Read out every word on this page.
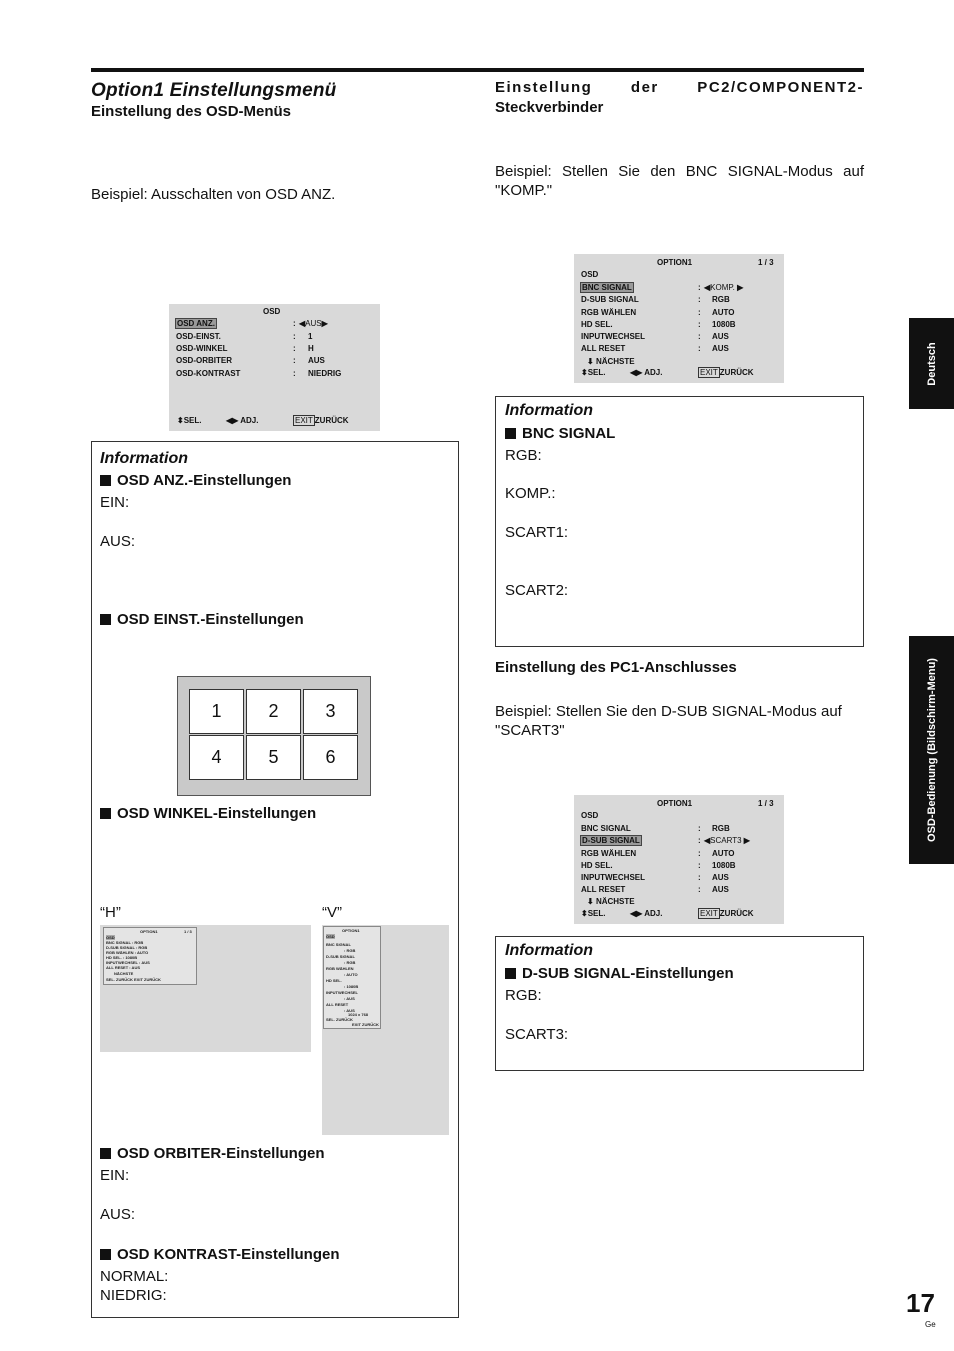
Option1 Einstellungsmenü
Einstellung des OSD-Menüs
Beispiel: Ausschalten von OSD ANZ.
OSD
OSD ANZ.	: ◀AUS▶
OSD-EINST.	: 1
OSD-WINKEL	: H
OSD-ORBITER	: AUS
OSD-KONTRAST	: NIEDRIG
⬍SEL.	◀▶ ADJ.	EXIT ZURÜCK
Information
OSD ANZ.-Einstellungen
EIN:
AUS:
OSD EINST.-Einstellungen
1	2	3
4	5	6
OSD WINKEL-Einstellungen
“H”	“V”
OPTION1	1 / 3
OSD
BNC SIGNAL : RGB
D-SUB SIGNAL : RGB
RGB WÄHLEN : AUTO
HD SEL. : 1080B
INPUTWECHSEL : AUS
ALL RESET : AUS
NÄCHSTE
SEL. ZURÜCK EXIT ZURÜCK
OPTION1
OSD
BNC SIGNAL
: RGB
D-SUB SIGNAL
: RGB
RGB WÄHLEN
: AUTO
HD SEL.
: 1080B
INPUTWECHSEL
: AUS
ALL RESET
: AUS
1024 x 768
SEL. ZURÜCK
EXIT ZURÜCK
OSD ORBITER-Einstellungen
EIN:
AUS:
OSD KONTRAST-Einstellungen
NORMAL:
NIEDRIG:
Einstellung der PC2/COMPONENT2-
Steckverbinder
Beispiel: Stellen Sie den BNC SIGNAL-Modus auf "KOMP."
OPTION1	1 / 3
OSD
BNC SIGNAL	: ◀KOMP. ▶
D-SUB SIGNAL	: RGB
RGB WÄHLEN	: AUTO
HD SEL.	: 1080B
INPUTWECHSEL	: AUS
ALL RESET	: AUS
⬇ NÄCHSTE
⬍SEL.	◀▶ ADJ.	EXIT ZURÜCK
Information
BNC SIGNAL
RGB:
KOMP.:
SCART1:
SCART2:
Einstellung des PC1-Anschlusses
Beispiel: Stellen Sie den D-SUB SIGNAL-Modus auf "SCART3"
OPTION1	1 / 3
OSD
BNC SIGNAL	: RGB
D-SUB SIGNAL	: ◀SCART3 ▶
RGB WÄHLEN	: AUTO
HD SEL.	: 1080B
INPUTWECHSEL	: AUS
ALL RESET	: AUS
⬇ NÄCHSTE
⬍SEL.	◀▶ ADJ.	EXIT ZURÜCK
Information
D-SUB SIGNAL-Einstellungen
RGB:
SCART3:
Deutsch
OSD-Bedienung (Bildschirm-Menu)
17
Ge
